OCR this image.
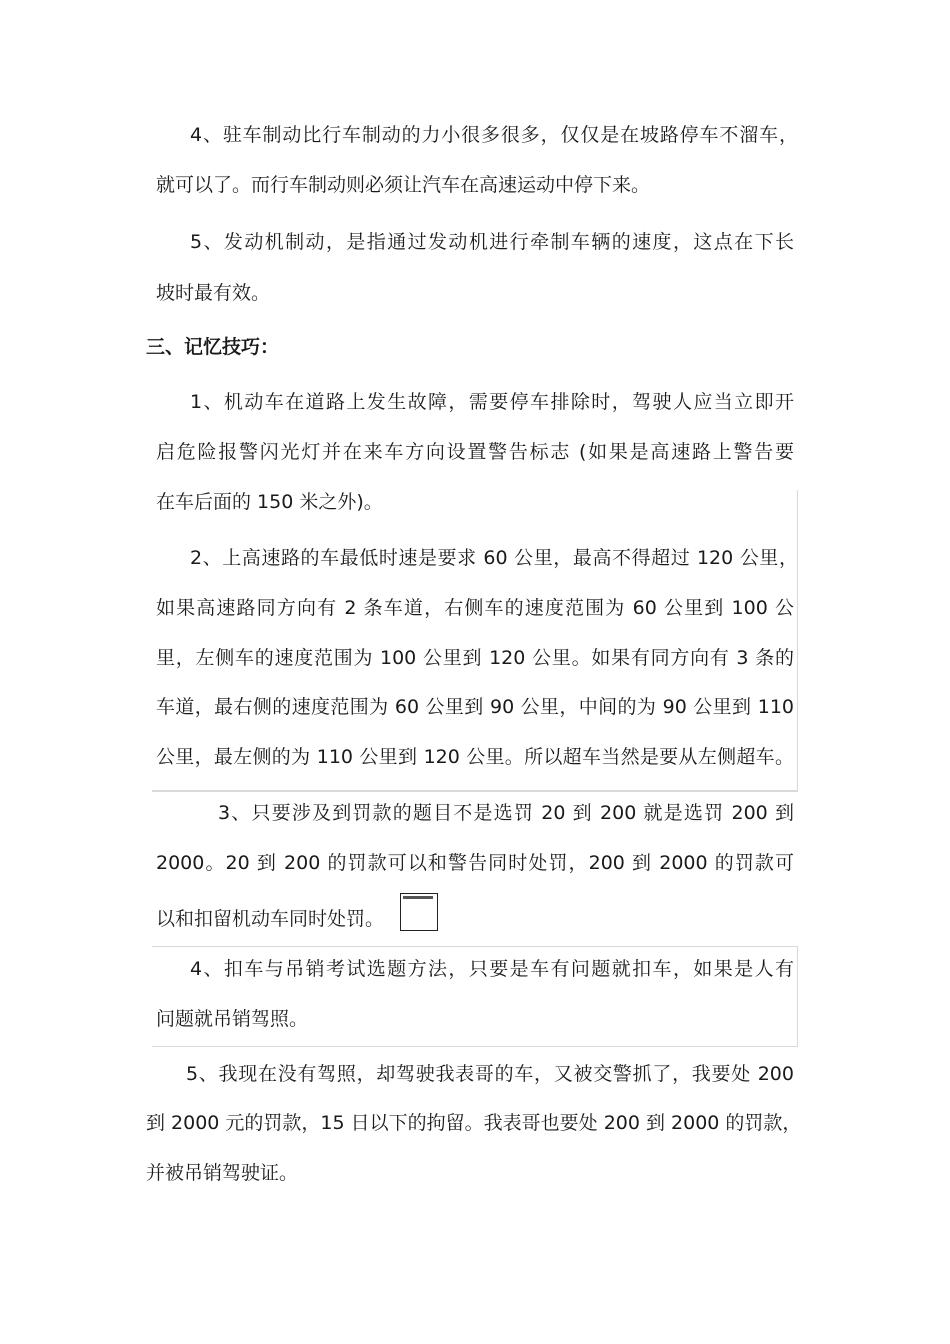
4、驻车制动比行车制动的力小很多很多，仅仅是在坡路停车不溜车，
就可以了。而行车制动则必须让汽车在高速运动中停下来。
5、发动机制动，是指通过发动机进行牵制车辆的速度，这点在下长
坡时最有效。
三、记忆技巧：
1、机动车在道路上发生故障，需要停车排除时，驾驶人应当立即开
启危险报警闪光灯并在来车方向设置警告标志 (如果是高速路上警告要
在车后面的 150 米之外)。
2、上高速路的车最低时速是要求 60 公里，最高不得超过 120 公里，
如果高速路同方向有 2 条车道，右侧车的速度范围为 60 公里到 100 公
里，左侧车的速度范围为 100 公里到 120 公里。如果有同方向有 3 条的
车道，最右侧的速度范围为 60 公里到 90 公里，中间的为 90 公里到 110
公里，最左侧的为 110 公里到 120 公里。所以超车当然是要从左侧超车。
3、只要涉及到罚款的题目不是选罚 20 到 200 就是选罚 200 到
2000。20 到 200 的罚款可以和警告同时处罚，200 到 2000 的罚款可
以和扣留机动车同时处罚。
4、扣车与吊销考试选题方法，只要是车有问题就扣车，如果是人有
问题就吊销驾照。
5、我现在没有驾照，却驾驶我表哥的车，又被交警抓了，我要处 200
到 2000 元的罚款，15 日以下的拘留。我表哥也要处 200 到 2000 的罚款，
并被吊销驾驶证。
